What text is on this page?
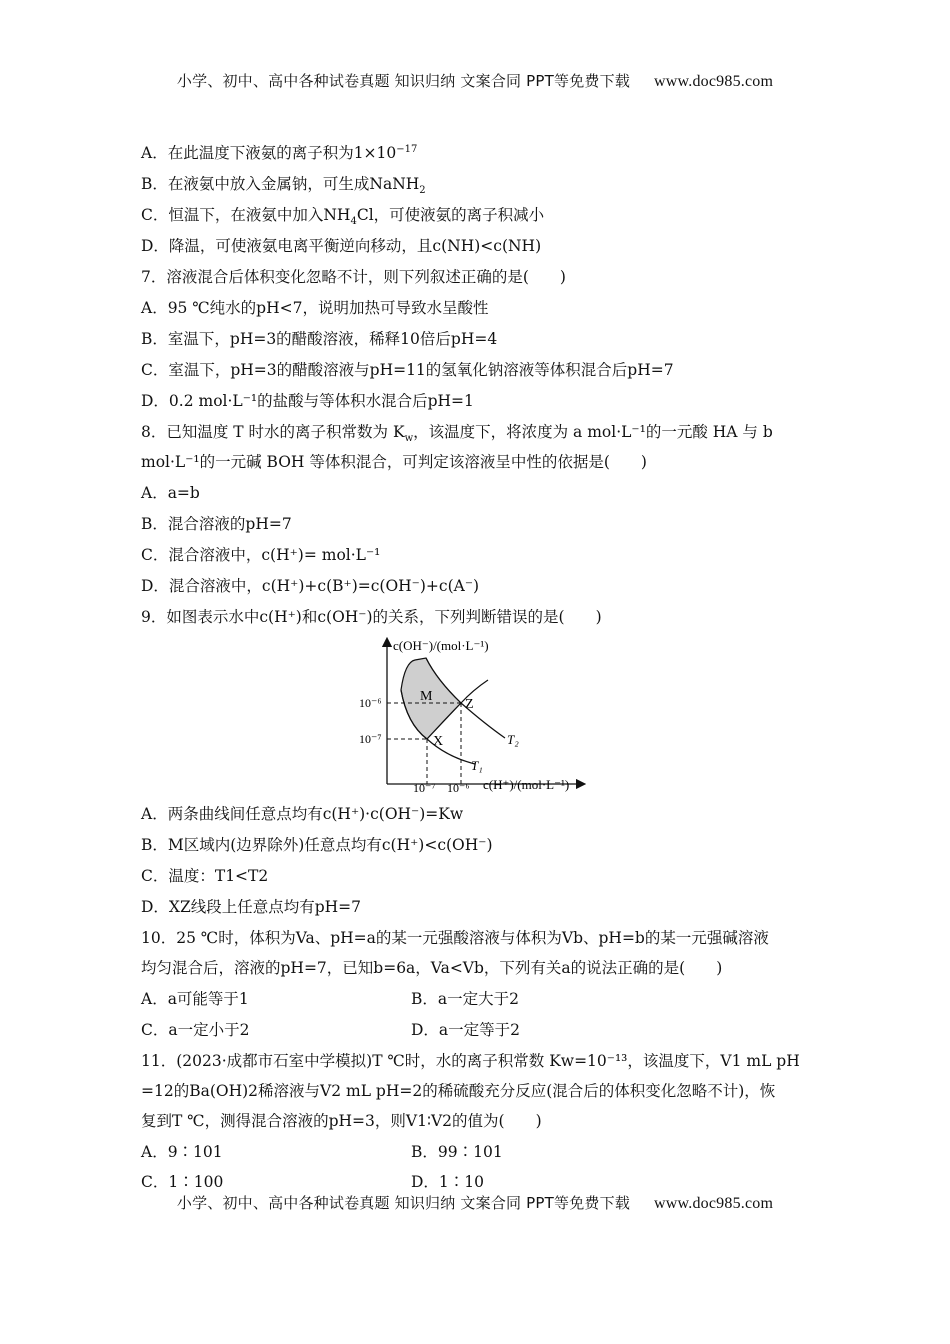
小学、初中、高中各种试卷真题 知识归纳 文案合同 PPT等免费下载 www.doc985.com
A．在此温度下液氨的离子积为$1\times 10^{-17}$
B．在液氨中放入金属钠，可生成NaNH$_2$
C．恒温下，在液氨中加入$NH_4Cl$，可使液氨的离子积减小
D．降温，可使液氨电离平衡逆向移动，且c(NH)<c(NH)
7．溶液混合后体积变化忽略不计，则下列叙述正确的是(　　)
A．95 ℃纯水的pH<7，说明加热可导致水呈酸性
B．室温下，pH=3的醋酸溶液，稀释10倍后pH=4
C．室温下，pH=3的醋酸溶液与pH=11的氢氧化钠溶液等体积混合后pH=7
D．0.2 mol·L⁻¹的盐酸与等体积水混合后pH=1
8．已知温度 T 时水的离子积常数为 $K_w$，该温度下，将浓度为 a mol·L⁻¹的一元酸 HA 与 b
mol·L⁻¹的一元碱 BOH 等体积混合，可判定该溶液呈中性的依据是(　　)
A．a=b
B．混合溶液的pH=7
C．混合溶液中，c(H⁺)= mol·L⁻¹
D．混合溶液中，c(H⁺)+c(B⁺)=c(OH⁻)+c(A⁻)
9．如图表示水中c(H⁺)和c(OH⁻)的关系，下列判断错误的是(　　)
c(OH⁻)/(mol·L⁻¹)
c(H⁺)/(mol·L⁻¹)
10⁻⁶
10⁻⁷
10⁻⁷ 10⁻⁶
M
Z
X	T₂
T₁
A．两条曲线间任意点均有c(H⁺)·c(OH⁻)=Kw
B．M区域内(边界除外)任意点均有c(H⁺)<c(OH⁻)
C．温度：T1<T2
D．XZ线段上任意点均有pH=7
10．25 ℃时，体积为Va、pH=a的某一元强酸溶液与体积为Vb、pH=b的某一元强碱溶液
均匀混合后，溶液的pH=7，已知b=6a，Va<Vb，下列有关a的说法正确的是(　　)
A．a可能等于1	B．a一定大于2
C．a一定小于2	D．a一定等于2
11．(2023·成都市石室中学模拟)T ℃时，水的离子积常数 Kw=10⁻¹³，该温度下，V1 mL pH
=12的Ba(OH)2稀溶液与V2 mL pH=2的稀硫酸充分反应(混合后的体积变化忽略不计)，恢
复到T ℃，测得混合溶液的pH=3，则V1∶V2的值为(　　)
A．9∶101	B．99∶101
C．1∶100	D．1∶10
小学、初中、高中各种试卷真题 知识归纳 文案合同 PPT等免费下载 www.doc985.com
